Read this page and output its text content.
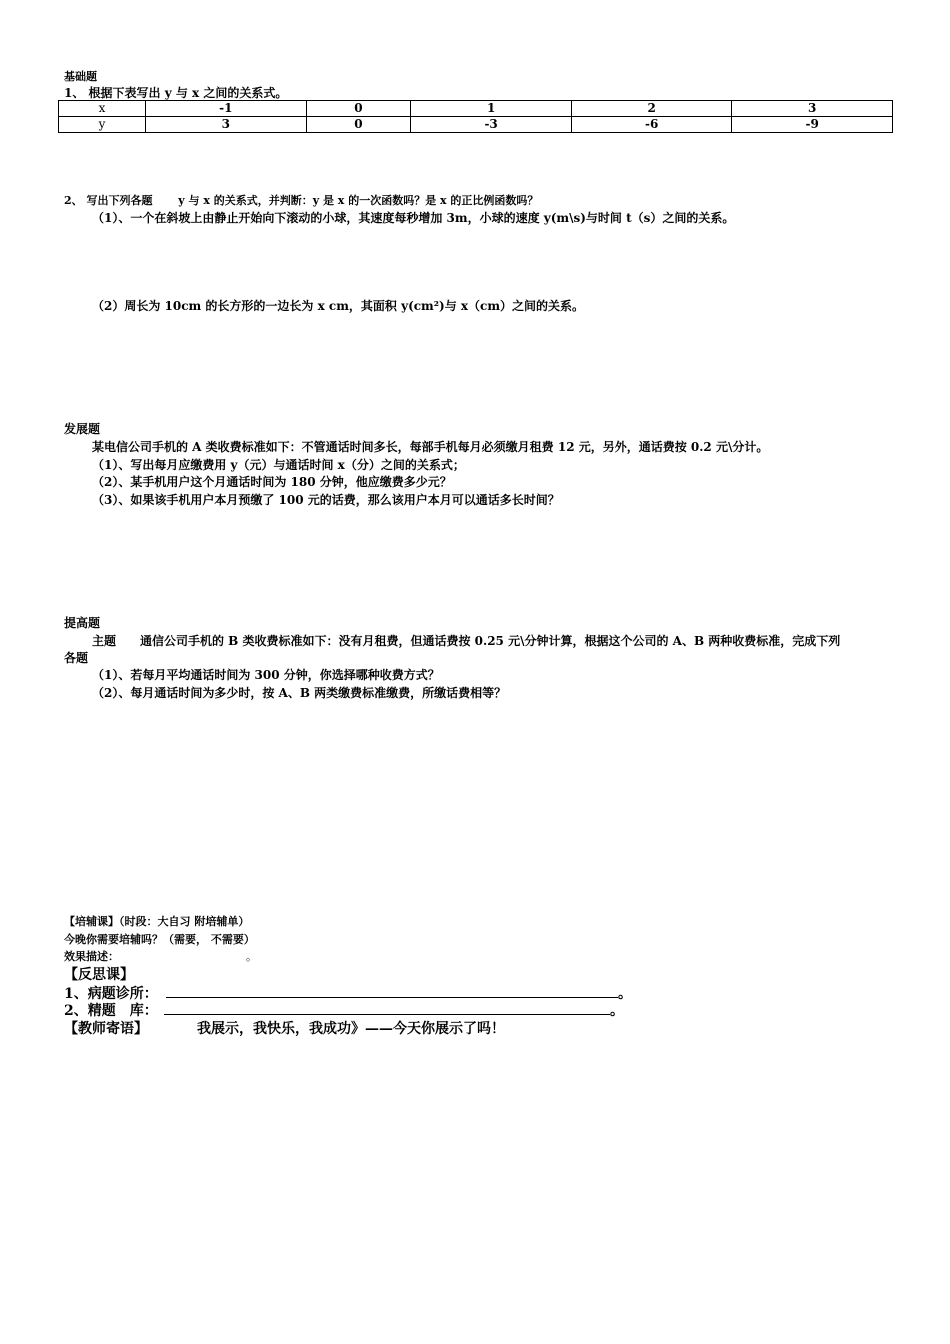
基础题
1、 根据下表写出 y 与 x 之间的关系式。
x	-1	0	1	2	3
y	3	0	-3	-6	-9
2、 写出下列各题 　　y 与 x 的关系式，并判断：y 是 x 的一次函数吗？是 x 的正比例函数吗？
（1）、一个在斜坡上由静止开始向下滚动的小球，其速度每秒增加 3m，小球的速度 y(m\s)与时间 t（s）之间的关系。
（2）周长为 10cm 的长方形的一边长为 x cm，其面积 y(cm²)与 x（cm）之间的关系。
发展题
某电信公司手机的 A 类收费标准如下：不管通话时间多长，每部手机每月必须缴月租费 12 元，另外，通话费按 0.2 元\分计。
（1）、写出每月应缴费用 y（元）与通话时间 x（分）之间的关系式；
（2）、某手机用户这个月通话时间为 180 分钟，他应缴费多少元？
（3）、如果该手机用户本月预缴了 100 元的话费，那么该用户本月可以通话多长时间？
提高题
主题　　通信公司手机的 B 类收费标准如下：没有月租费，但通话费按 0.25 元\分钟计算，根据这个公司的 A、B 两种收费标准，完成下列
各题
（1）、若每月平均通话时间为 300 分钟，你选择哪种收费方式？
（2）、每月通话时间为多少时，按 A、B 两类缴费标准缴费，所缴话费相等？
【培辅课】（时段：大自习 附培辅单）
今晚你需要培辅吗？（需要， 不需要）
效果描述：	。
【反思课】
1、病题诊所：	。
2、精题　库：	。
【教师寄语】　　　　我展示，我快乐，我成功》——今天你展示了吗！
